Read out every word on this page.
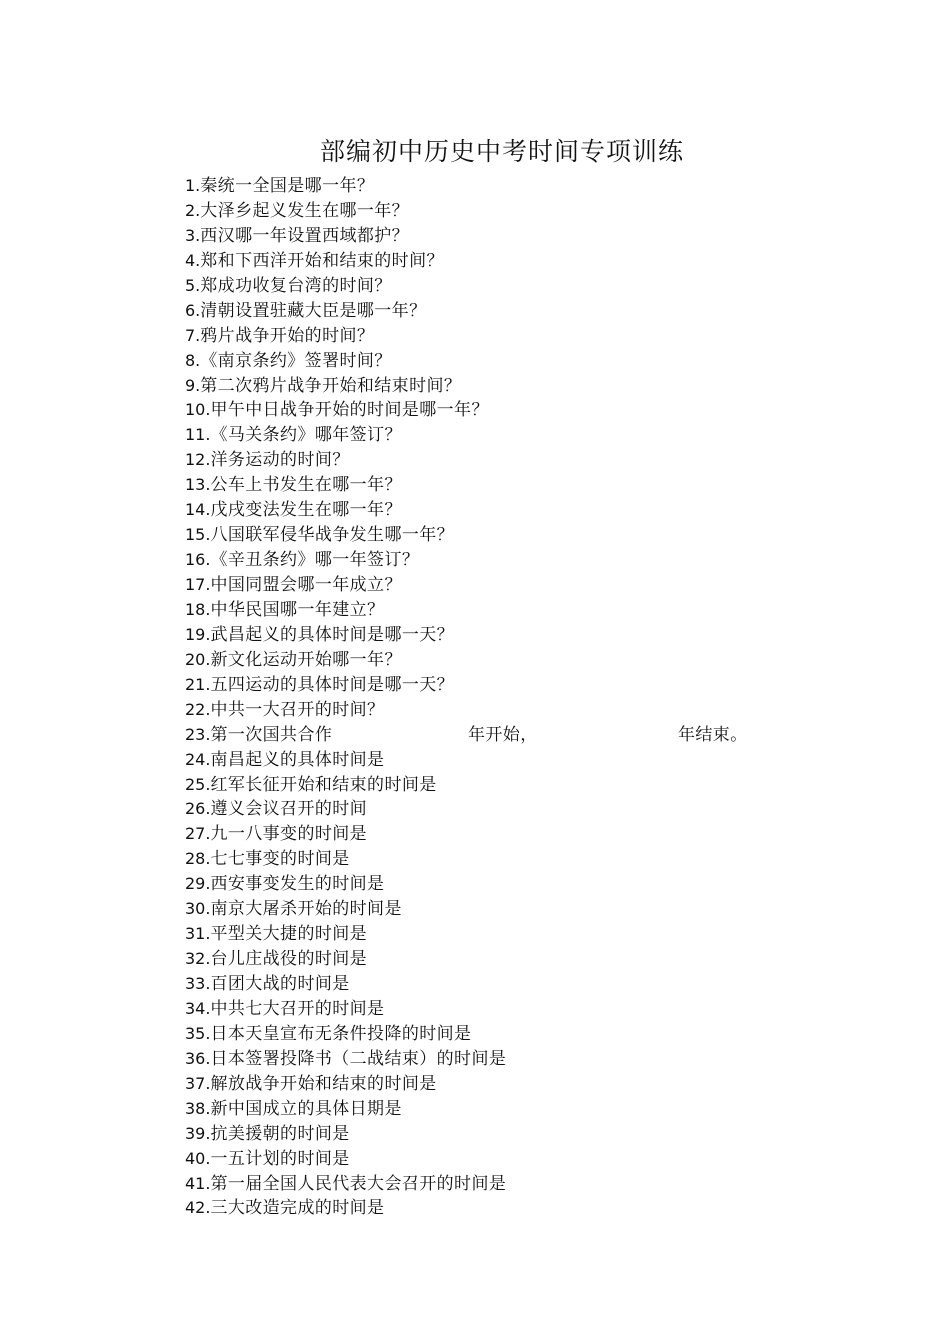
部编初中历史中考时间专项训练
1.秦统一全国是哪一年？
2.大泽乡起义发生在哪一年？
3.西汉哪一年设置西域都护？
4.郑和下西洋开始和结束的时间？
5.郑成功收复台湾的时间？
6.清朝设置驻藏大臣是哪一年？
7.鸦片战争开始的时间？
8.《南京条约》签署时间？
9.第二次鸦片战争开始和结束时间？
10.甲午中日战争开始的时间是哪一年？
11.《马关条约》哪年签订？
12.洋务运动的时间？
13.公车上书发生在哪一年？
14.戊戌变法发生在哪一年？
15.八国联军侵华战争发生哪一年？
16.《辛丑条约》哪一年签订？
17.中国同盟会哪一年成立？
18.中华民国哪一年建立？
19.武昌起义的具体时间是哪一天？
20.新文化运动开始哪一年？
21.五四运动的具体时间是哪一天？
22.中共一大召开的时间？
23.第一次国共合作	年开始，	年结束。
24.南昌起义的具体时间是
25.红军长征开始和结束的时间是
26.遵义会议召开的时间
27.九一八事变的时间是
28.七七事变的时间是
29.西安事变发生的时间是
30.南京大屠杀开始的时间是
31.平型关大捷的时间是
32.台儿庄战役的时间是
33.百团大战的时间是
34.中共七大召开的时间是
35.日本天皇宣布无条件投降的时间是
36.日本签署投降书（二战结束）的时间是
37.解放战争开始和结束的时间是
38.新中国成立的具体日期是
39.抗美援朝的时间是
40.一五计划的时间是
41.第一届全国人民代表大会召开的时间是
42.三大改造完成的时间是
